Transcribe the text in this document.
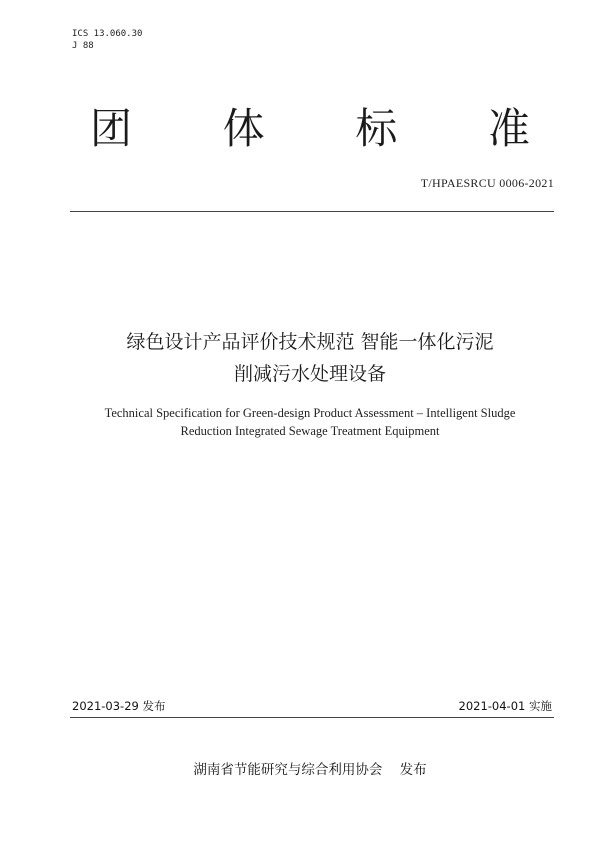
ICS 13.060.30
J 88
团 体 标 准
T/HPAESRCU 0006-2021
绿色设计产品评价技术规范 智能一体化污泥
削减污水处理设备
Technical Specification for Green-design Product Assessment – Intelligent Sludge
Reduction Integrated Sewage Treatment Equipment
2021-03-29 发布	2021-04-01 实施
湖南省节能研究与综合利用协会    发布
